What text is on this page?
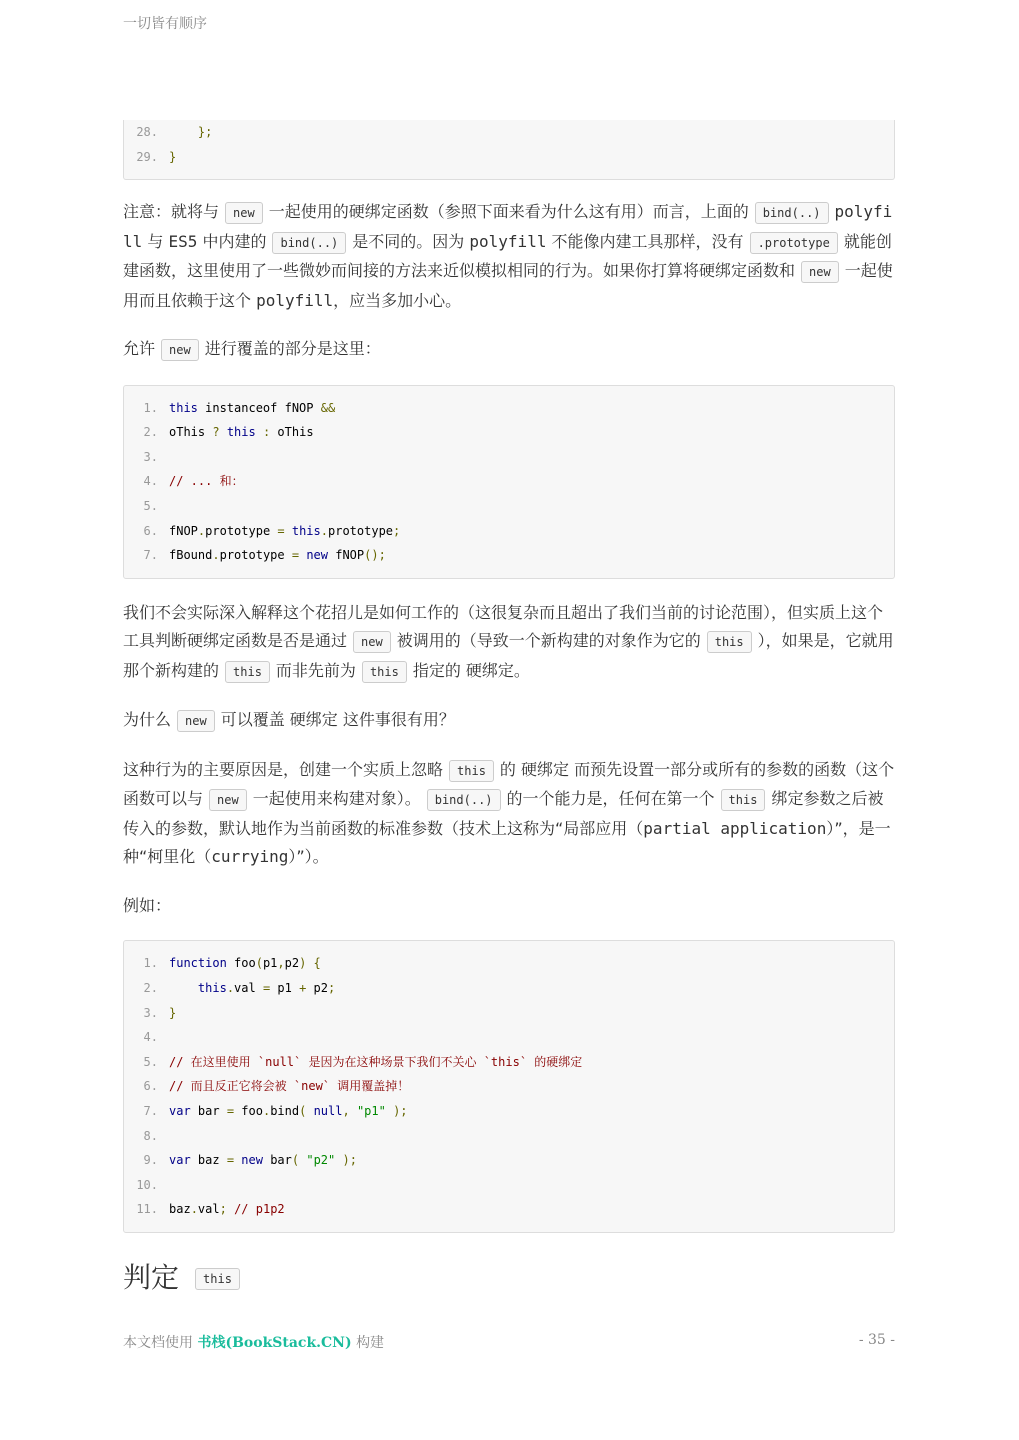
一切皆有顺序
28.	};
29. }

注意：就将与 new 一起使用的硬绑定函数（参照下面来看为什么这有用）而言，上面的 bind(..) polyfill 与 ES5 中内建的 bind(..) 是不同的。因为 polyfill 不能像内建工具那样，没有 .prototype 就能创建函数，这里使用了一些微妙而间接的方法来近似模拟相同的行为。如果你打算将硬绑定函数和 new 一起使用而且依赖于这个 polyfill，应当多加小心。

允许 new 进行覆盖的部分是这里：

1. this instanceof fNOP &&
2. oThis ? this : oThis
3.
4. // ... 和：
5.
6. fNOP.prototype = this.prototype;
7. fBound.prototype = new fNOP();

我们不会实际深入解释这个花招儿是如何工作的（这很复杂而且超出了我们当前的讨论范围），但实质上这个工具判断硬绑定函数是否是通过 new 被调用的（导致一个新构建的对象作为它的 this ），如果是，它就用那个新构建的 this 而非先前为 this 指定的 硬绑定。

为什么 new 可以覆盖 硬绑定 这件事很有用？

这种行为的主要原因是，创建一个实质上忽略 this 的 硬绑定 而预先设置一部分或所有的参数的函数（这个函数可以与 new 一起使用来构建对象）。 bind(..) 的一个能力是，任何在第一个 this 绑定参数之后被传入的参数，默认地作为当前函数的标准参数（技术上这称为“局部应用（partial application）”，是一种“柯里化（currying）”）。

例如：

1. function foo(p1,p2) {
2.	this.val = p1 + p2;
3. }
4.
5. // 在这里使用 `null` 是因为在这种场景下我们不关心 `this` 的硬绑定
6. // 而且反正它将会被 `new` 调用覆盖掉！
7. var bar = foo.bind( null, "p1" );
8.
9. var baz = new bar( "p2" );
10.
11. baz.val; // p1p2
判定 this
本文档使用 书栈(BookStack.CN) 构建	- 35 -
